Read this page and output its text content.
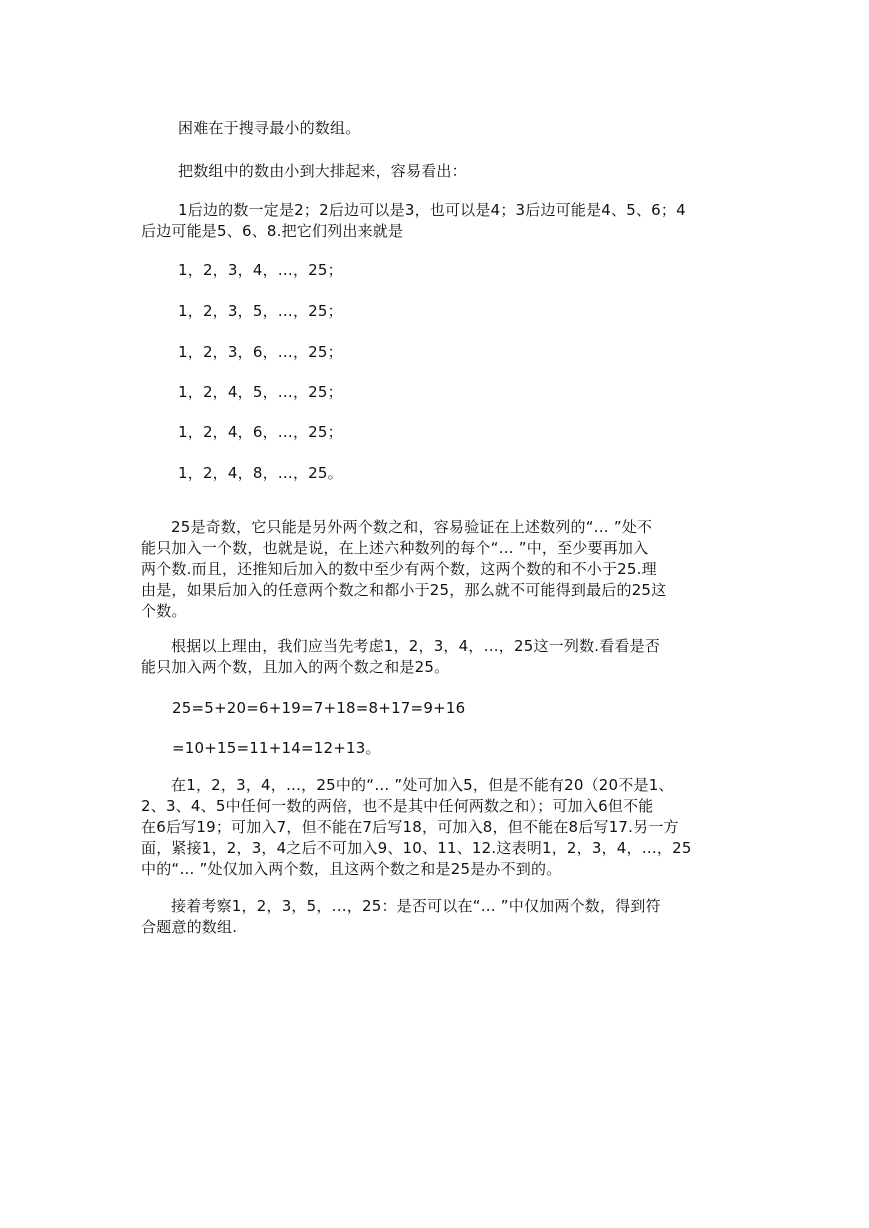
困难在于搜寻最小的数组。
把数组中的数由小到大排起来，容易看出：
1后边的数一定是2；2后边可以是3，也可以是4；3后边可能是4、5、6；4
后边可能是5、6、8.把它们列出来就是
1，2，3，4，…，25；
1，2，3，5，…，25；
1，2，3，6，…，25；
1，2，4，5，…，25；
1，2，4，6，…，25；
1，2，4，8，…，25。
25是奇数，它只能是另外两个数之和，容易验证在上述数列的“… ”处不
能只加入一个数，也就是说，在上述六种数列的每个“… ”中，至少要再加入
两个数.而且，还推知后加入的数中至少有两个数，这两个数的和不小于25.理
由是，如果后加入的任意两个数之和都小于25，那么就不可能得到最后的25这
个数。
根据以上理由，我们应当先考虑1，2，3，4，…，25这一列数.看看是否
能只加入两个数，且加入的两个数之和是25。
25=5+20=6+19=7+18=8+17=9+16
=10+15=11+14=12+13。
在1，2，3，4，…，25中的“… ”处可加入5，但是不能有20（20不是1、
2、3、4、5中任何一数的两倍，也不是其中任何两数之和）；可加入6但不能
在6后写19；可加入7，但不能在7后写18，可加入8，但不能在8后写17.另一方
面，紧接1，2，3，4之后不可加入9、10、11、12.这表明1，2，3，4，…，25
中的“… ”处仅加入两个数，且这两个数之和是25是办不到的。
接着考察1，2，3，5，…，25：是否可以在“… ”中仅加两个数，得到符
合题意的数组.
